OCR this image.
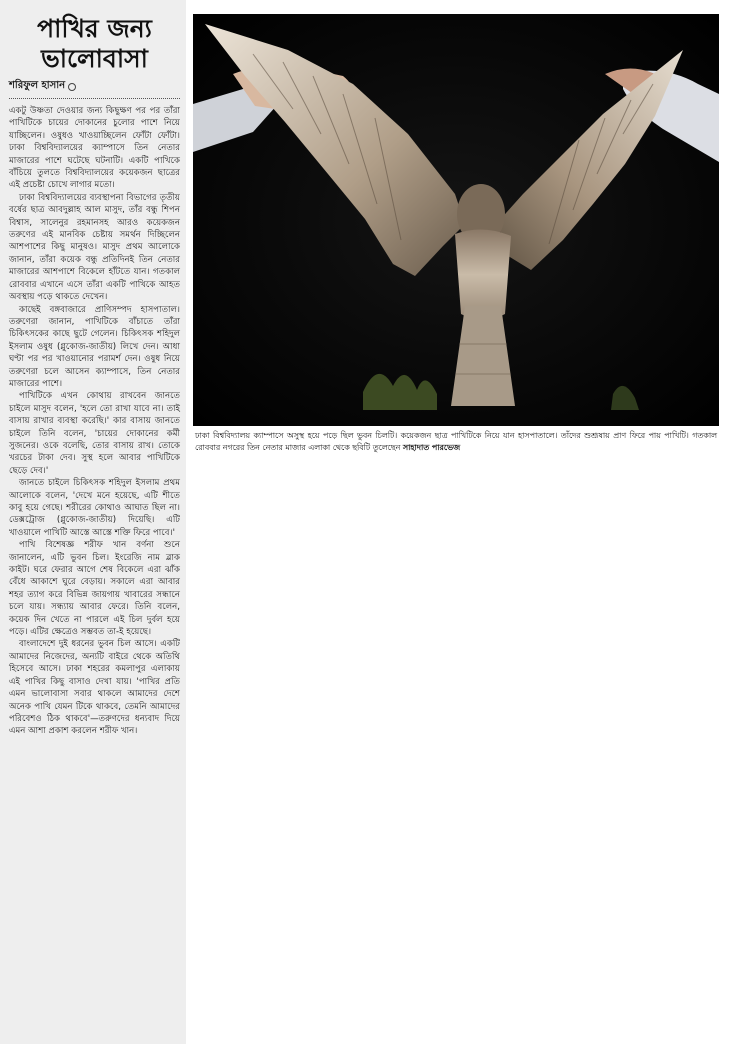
পাখির জন্য
ভালোবাসা
শরিফুল হাসান

একটু উষ্ণতা দেওয়ার জন্য কিছুক্ষণ পর পর তাঁরা পাখিটিকে চায়ের দোকানের চুলোর পাশে নিয়ে যাচ্ছিলেন। ওষুধও খাওয়াচ্ছিলেন ফোঁটা ফোঁটা। ঢাকা বিশ্ববিদ্যালয়ের ক্যাম্পাসে তিন নেতার মাজারের পাশে ঘটেছে ঘটনাটি। একটি পাখিকে বাঁচিয়ে তুলতে বিশ্ববিদ্যালয়ের কয়েকজন ছাত্রের এই প্রচেষ্টা চোখে লাগার মতো।

ঢাকা বিশ্ববিদ্যালয়ের ব্যবস্থাপনা বিভাগের তৃতীয় বর্ষের ছাত্র আবদুল্লাহ আল মাসুদ, তাঁর বন্ধু শিপন বিশ্বাস, সালেনুর রহমানসহ আরও কয়েকজন তরুণের এই মানবিক চেষ্টায় সমর্থন দিচ্ছিলেন আশপাশের কিছু মানুষও। মাসুদ প্রথম আলোকে জানান, তাঁরা কয়েক বন্ধু প্রতিদিনই তিন নেতার মাজারের আশপাশে বিকেলে হাঁটতে যান। গতকাল রোববার এখানে এসে তাঁরা একটি পাখিকে আহত অবস্থায় পড়ে থাকতে দেখেন।

কাছেই বঙ্গবাজারে প্রাণিসম্পদ হাসপাতাল। তরুণেরা জানান, পাখিটিকে বাঁচাতে তাঁরা চিকিৎসকের কাছে ছুটে গেলেন। চিকিৎসক শহিদুল ইসলাম ওষুধ (গ্লুকোজ-জাতীয়) লিখে দেন। আধা ঘণ্টা পর পর খাওয়ানোর পরামর্শ দেন। ওষুধ নিয়ে তরুণেরা চলে আসেন ক্যাম্পাসে, তিন নেতার মাজারের পাশে।

পাখিটিকে এখন কোথায় রাখবেন জানতে চাইলে মাসুদ বলেন, 'হলে তো রাখা যাবে না। তাই বাসায় রাখার ব্যবস্থা করেছি।' কার বাসায় জানতে চাইলে তিনি বলেন, 'চায়ের দোকানের কর্মী সুজনের। ওকে বলেছি, তোর বাসায় রাখ। তোকে খরচের টাকা দেব। সুস্থ হলে আবার পাখিটিকে ছেড়ে দেব।'

জানতে চাইলে চিকিৎসক শহিদুল ইসলাম প্রথম আলোকে বলেন, 'দেখে মনে হয়েছে, এটি শীতে কাবু হয়ে গেছে। শরীরের কোথাও আঘাত ছিল না। ডেক্সট্রোজ (গ্লুকোজ-জাতীয়) দিয়েছি। এটি খাওয়ালে পাখিটি আস্তে আস্তে শক্তি ফিরে পাবে।'

পাখি বিশেষজ্ঞ শরীফ খান বর্ণনা শুনে জানালেন, এটি ভুবন চিল। ইংরেজি নাম ব্লাক কাইট। ঘরে ফেরার আগে শেষ বিকেলে এরা ঝাঁক বেঁধে আকাশে ঘুরে বেড়ায়। সকালে এরা আবার শহর ত্যাগ করে বিভিন্ন জায়গায় খাবারের সন্ধানে চলে যায়। সন্ধ্যায় আবার ফেরে। তিনি বলেন, কয়েক দিন খেতে না পারলে এই চিল দুর্বল হয়ে পড়ে। এটির ক্ষেত্রেও সম্ভবত তা-ই হয়েছে।

বাংলাদেশে দুই ধরনের ভুবন চিল আসে। একটি আমাদের নিজেদের, অন্যটি বাইরে থেকে অতিথি হিসেবে আসে। ঢাকা শহরের কমলাপুর এলাকায় এই পাখির কিছু বাসাও দেখা যায়। 'পাখির প্রতি এমন ভালোবাসা সবার থাকলে আমাদের দেশে অনেক পাখি যেমন টিকে থাকবে, তেমনি আমাদের পরিবেশও ঠিক থাকবে'—তরুণদের ধন্যবাদ দিয়ে এমন আশা প্রকাশ করলেন শরীফ খান।

ঢাকা বিশ্ববিদ্যালয় ক্যাম্পাসে অসুস্থ হয়ে পড়ে ছিল ভুবন চিলটি। কয়েকজন ছাত্র পাখিটিকে নিয়ে যান হাসপাতালে। তাঁদের শুশ্রূষায় প্রাণ ফিরে পায় পাখিটি। গতকাল রোববার নগরের তিন নেতার মাজার এলাকা থেকে ছবিটি তুলেছেন সাহাদাত পারভেজ
